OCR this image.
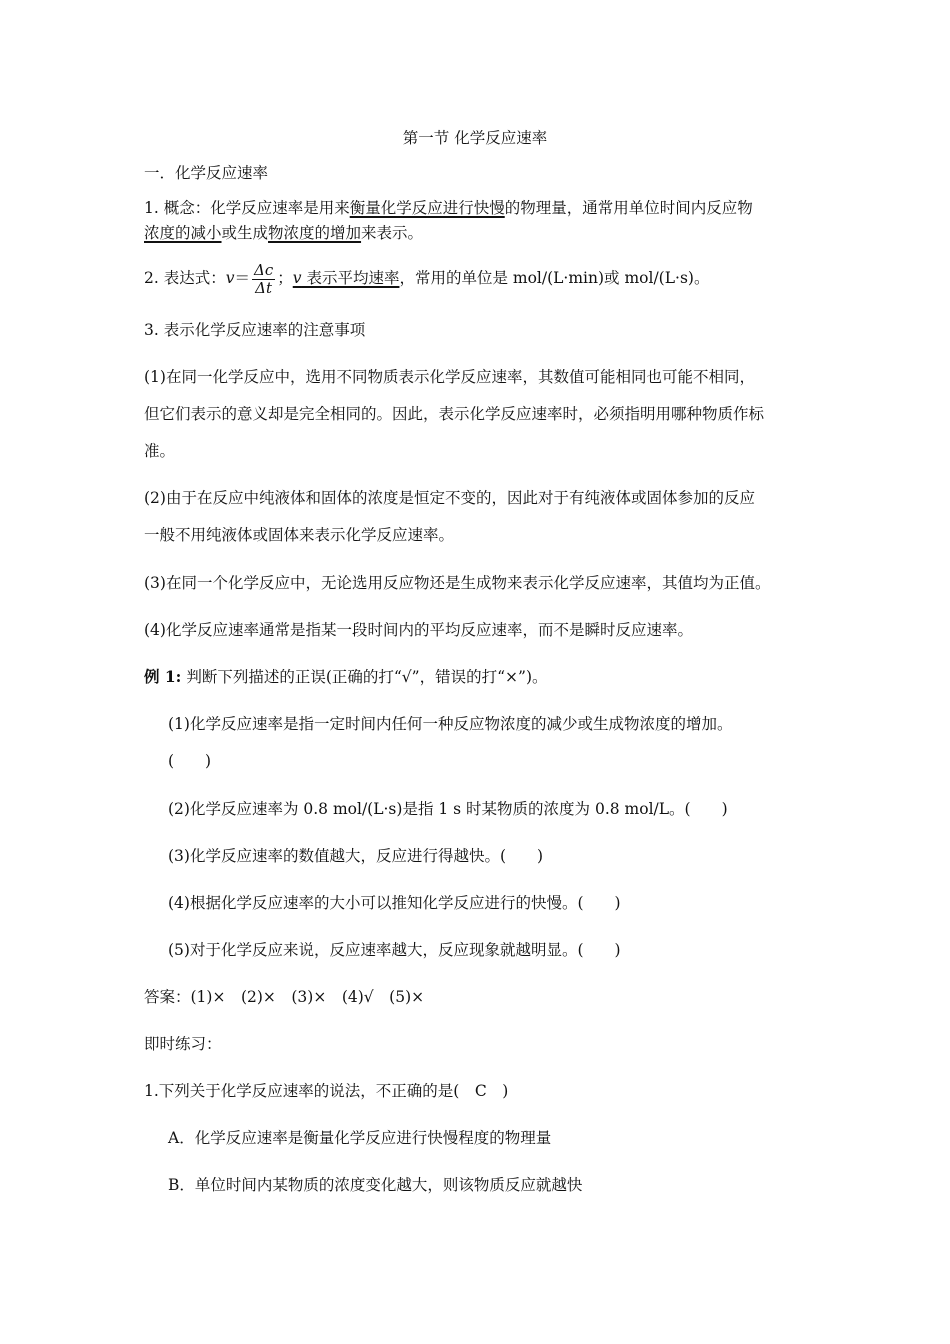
第一节 化学反应速率
一．化学反应速率
1. 概念：化学反应速率是用来衡量化学反应进行快慢的物理量，通常用单位时间内反应物
浓度的减小或生成物浓度的增加来表示。
2. 表达式：$v= \frac{\Delta c}{\Delta t}$ ；v 表示平均速率，常用的单位是 mol/(L·min)或 mol/(L·s)。
3. 表示化学反应速率的注意事项
(1)在同一化学反应中，选用不同物质表示化学反应速率，其数值可能相同也可能不相同，
但它们表示的意义却是完全相同的。因此，表示化学反应速率时，必须指明用哪种物质作标
准。
(2)由于在反应中纯液体和固体的浓度是恒定不变的，因此对于有纯液体或固体参加的反应
一般不用纯液体或固体来表示化学反应速率。
(3)在同一个化学反应中，无论选用反应物还是生成物来表示化学反应速率，其值均为正值。
(4)化学反应速率通常是指某一段时间内的平均反应速率，而不是瞬时反应速率。
例 1: 判断下列描述的正误(正确的打“√”，错误的打“×”)。
(1)化学反应速率是指一定时间内任何一种反应物浓度的减少或生成物浓度的增加。
(　　)
(2)化学反应速率为 0.8 mol/(L·s)是指 1 s 时某物质的浓度为 0.8 mol/L。(　　)
(3)化学反应速率的数值越大，反应进行得越快。(　　)
(4)根据化学反应速率的大小可以推知化学反应进行的快慢。(　　)
(5)对于化学反应来说，反应速率越大，反应现象就越明显。(　　)
答案：(1)×　(2)×　(3)×　(4)√　(5)×
即时练习：
1.下列关于化学反应速率的说法，不正确的是(　C　)
A．化学反应速率是衡量化学反应进行快慢程度的物理量
B．单位时间内某物质的浓度变化越大，则该物质反应就越快
